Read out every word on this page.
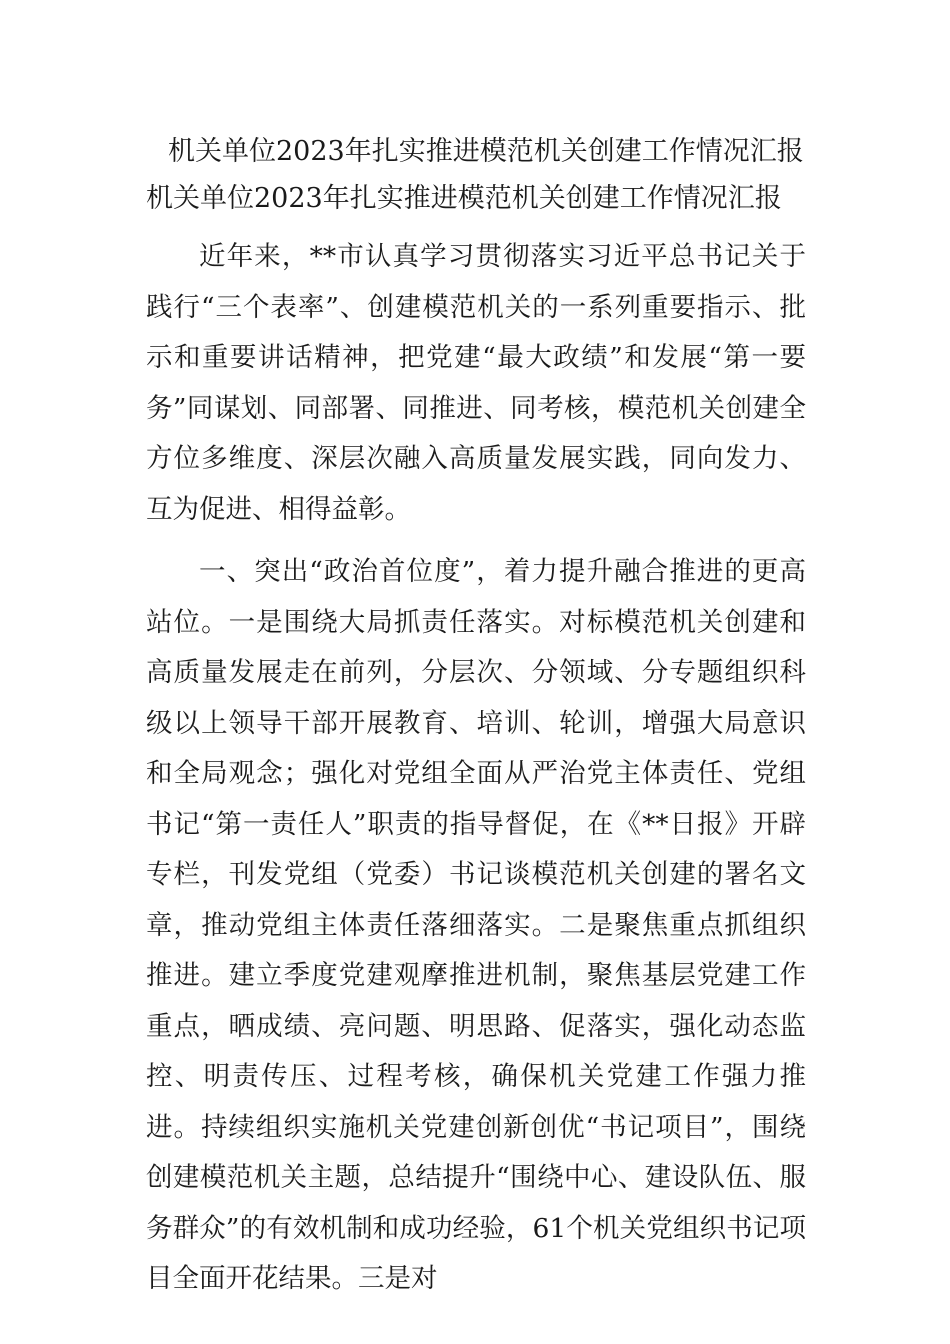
机关单位2023年扎实推进模范机关创建工作情况汇报
机关单位2023年扎实推进模范机关创建工作情况汇报

近年来，**市认真学习贯彻落实习近平总书记关于践行“三个表率”、创建模范机关的一系列重要指示、批示和重要讲话精神，把党建“最大政绩”和发展“第一要务”同谋划、同部署、同推进、同考核，模范机关创建全方位多维度、深层次融入高质量发展实践，同向发力、互为促进、相得益彰。

一、突出“政治首位度”，着力提升融合推进的更高站位。一是围绕大局抓责任落实。对标模范机关创建和高质量发展走在前列，分层次、分领域、分专题组织科级以上领导干部开展教育、培训、轮训，增强大局意识和全局观念；强化对党组全面从严治党主体责任、党组书记“第一责任人”职责的指导督促，在《**日报》开辟专栏，刊发党组（党委）书记谈模范机关创建的署名文章，推动党组主体责任落细落实。二是聚焦重点抓组织推进。建立季度党建观摩推进机制，聚焦基层党建工作重点，晒成绩、亮问题、明思路、促落实，强化动态监控、明责传压、过程考核，确保机关党建工作强力推进。持续组织实施机关党建创新创优“书记项目”，围绕创建模范机关主题，总结提升“围绕中心、建设队伍、服务群众”的有效机制和成功经验，61个机关党组织书记项目全面开花结果。三是对
